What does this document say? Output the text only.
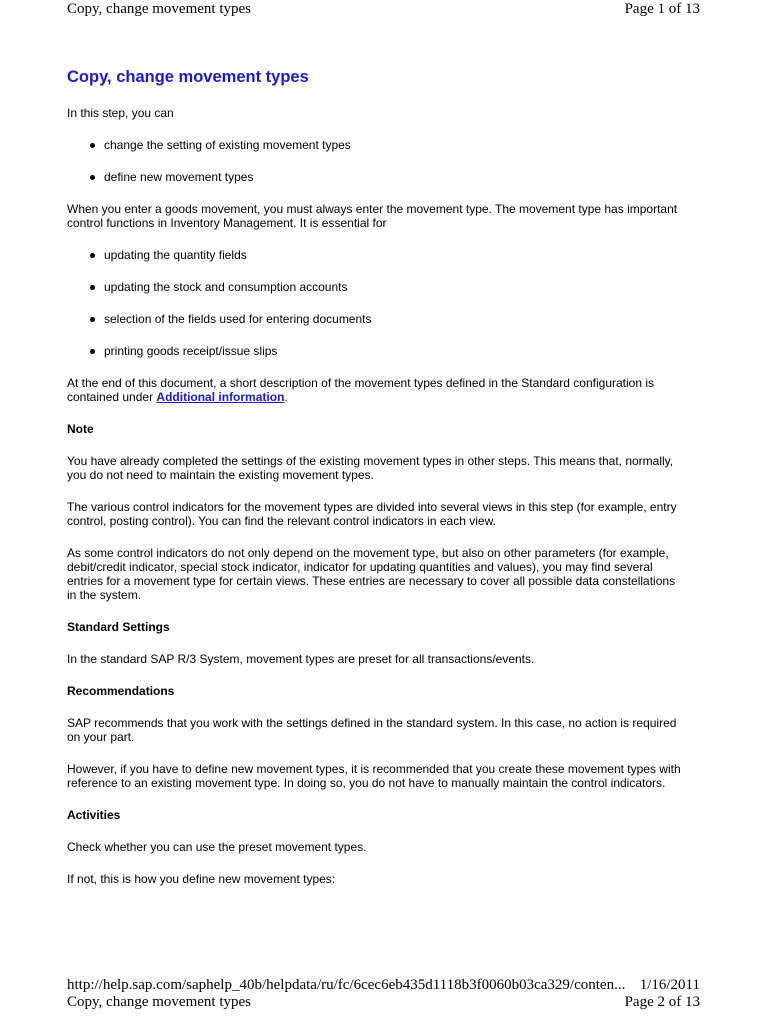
Copy, change movement types	Page 1 of 13
Copy, change movement types

In this step, you can

change the setting of existing movement types
define new movement types

When you enter a goods movement, you must always enter the movement type. The movement type has important control functions in Inventory Management. It is essential for

updating the quantity fields
updating the stock and consumption accounts
selection of the fields used for entering documents
printing goods receipt/issue slips

At the end of this document, a short description of the movement types defined in the Standard configuration is contained under Additional information.

Note

You have already completed the settings of the existing movement types in other steps. This means that, normally, you do not need to maintain the existing movement types.

The various control indicators for the movement types are divided into several views in this step (for example, entry control, posting control). You can find the relevant control indicators in each view.

As some control indicators do not only depend on the movement type, but also on other parameters (for example, debit/credit indicator, special stock indicator, indicator for updating quantities and values), you may find several entries for a movement type for certain views. These entries are necessary to cover all possible data constellations in the system.

Standard Settings

In the standard SAP R/3 System, movement types are preset for all transactions/events.

Recommendations

SAP recommends that you work with the settings defined in the standard system. In this case, no action is required on your part.

However, if you have to define new movement types, it is recommended that you create these movement types with reference to an existing movement type. In doing so, you do not have to manually maintain the control indicators.

Activities

Check whether you can use the preset movement types.

If not, this is how you define new movement types:

http://help.sap.com/saphelp_40b/helpdata/ru/fc/6cec6eb435d1118b3f0060b03ca329/conten... 1/16/2011
Copy, change movement types	Page 2 of 13
